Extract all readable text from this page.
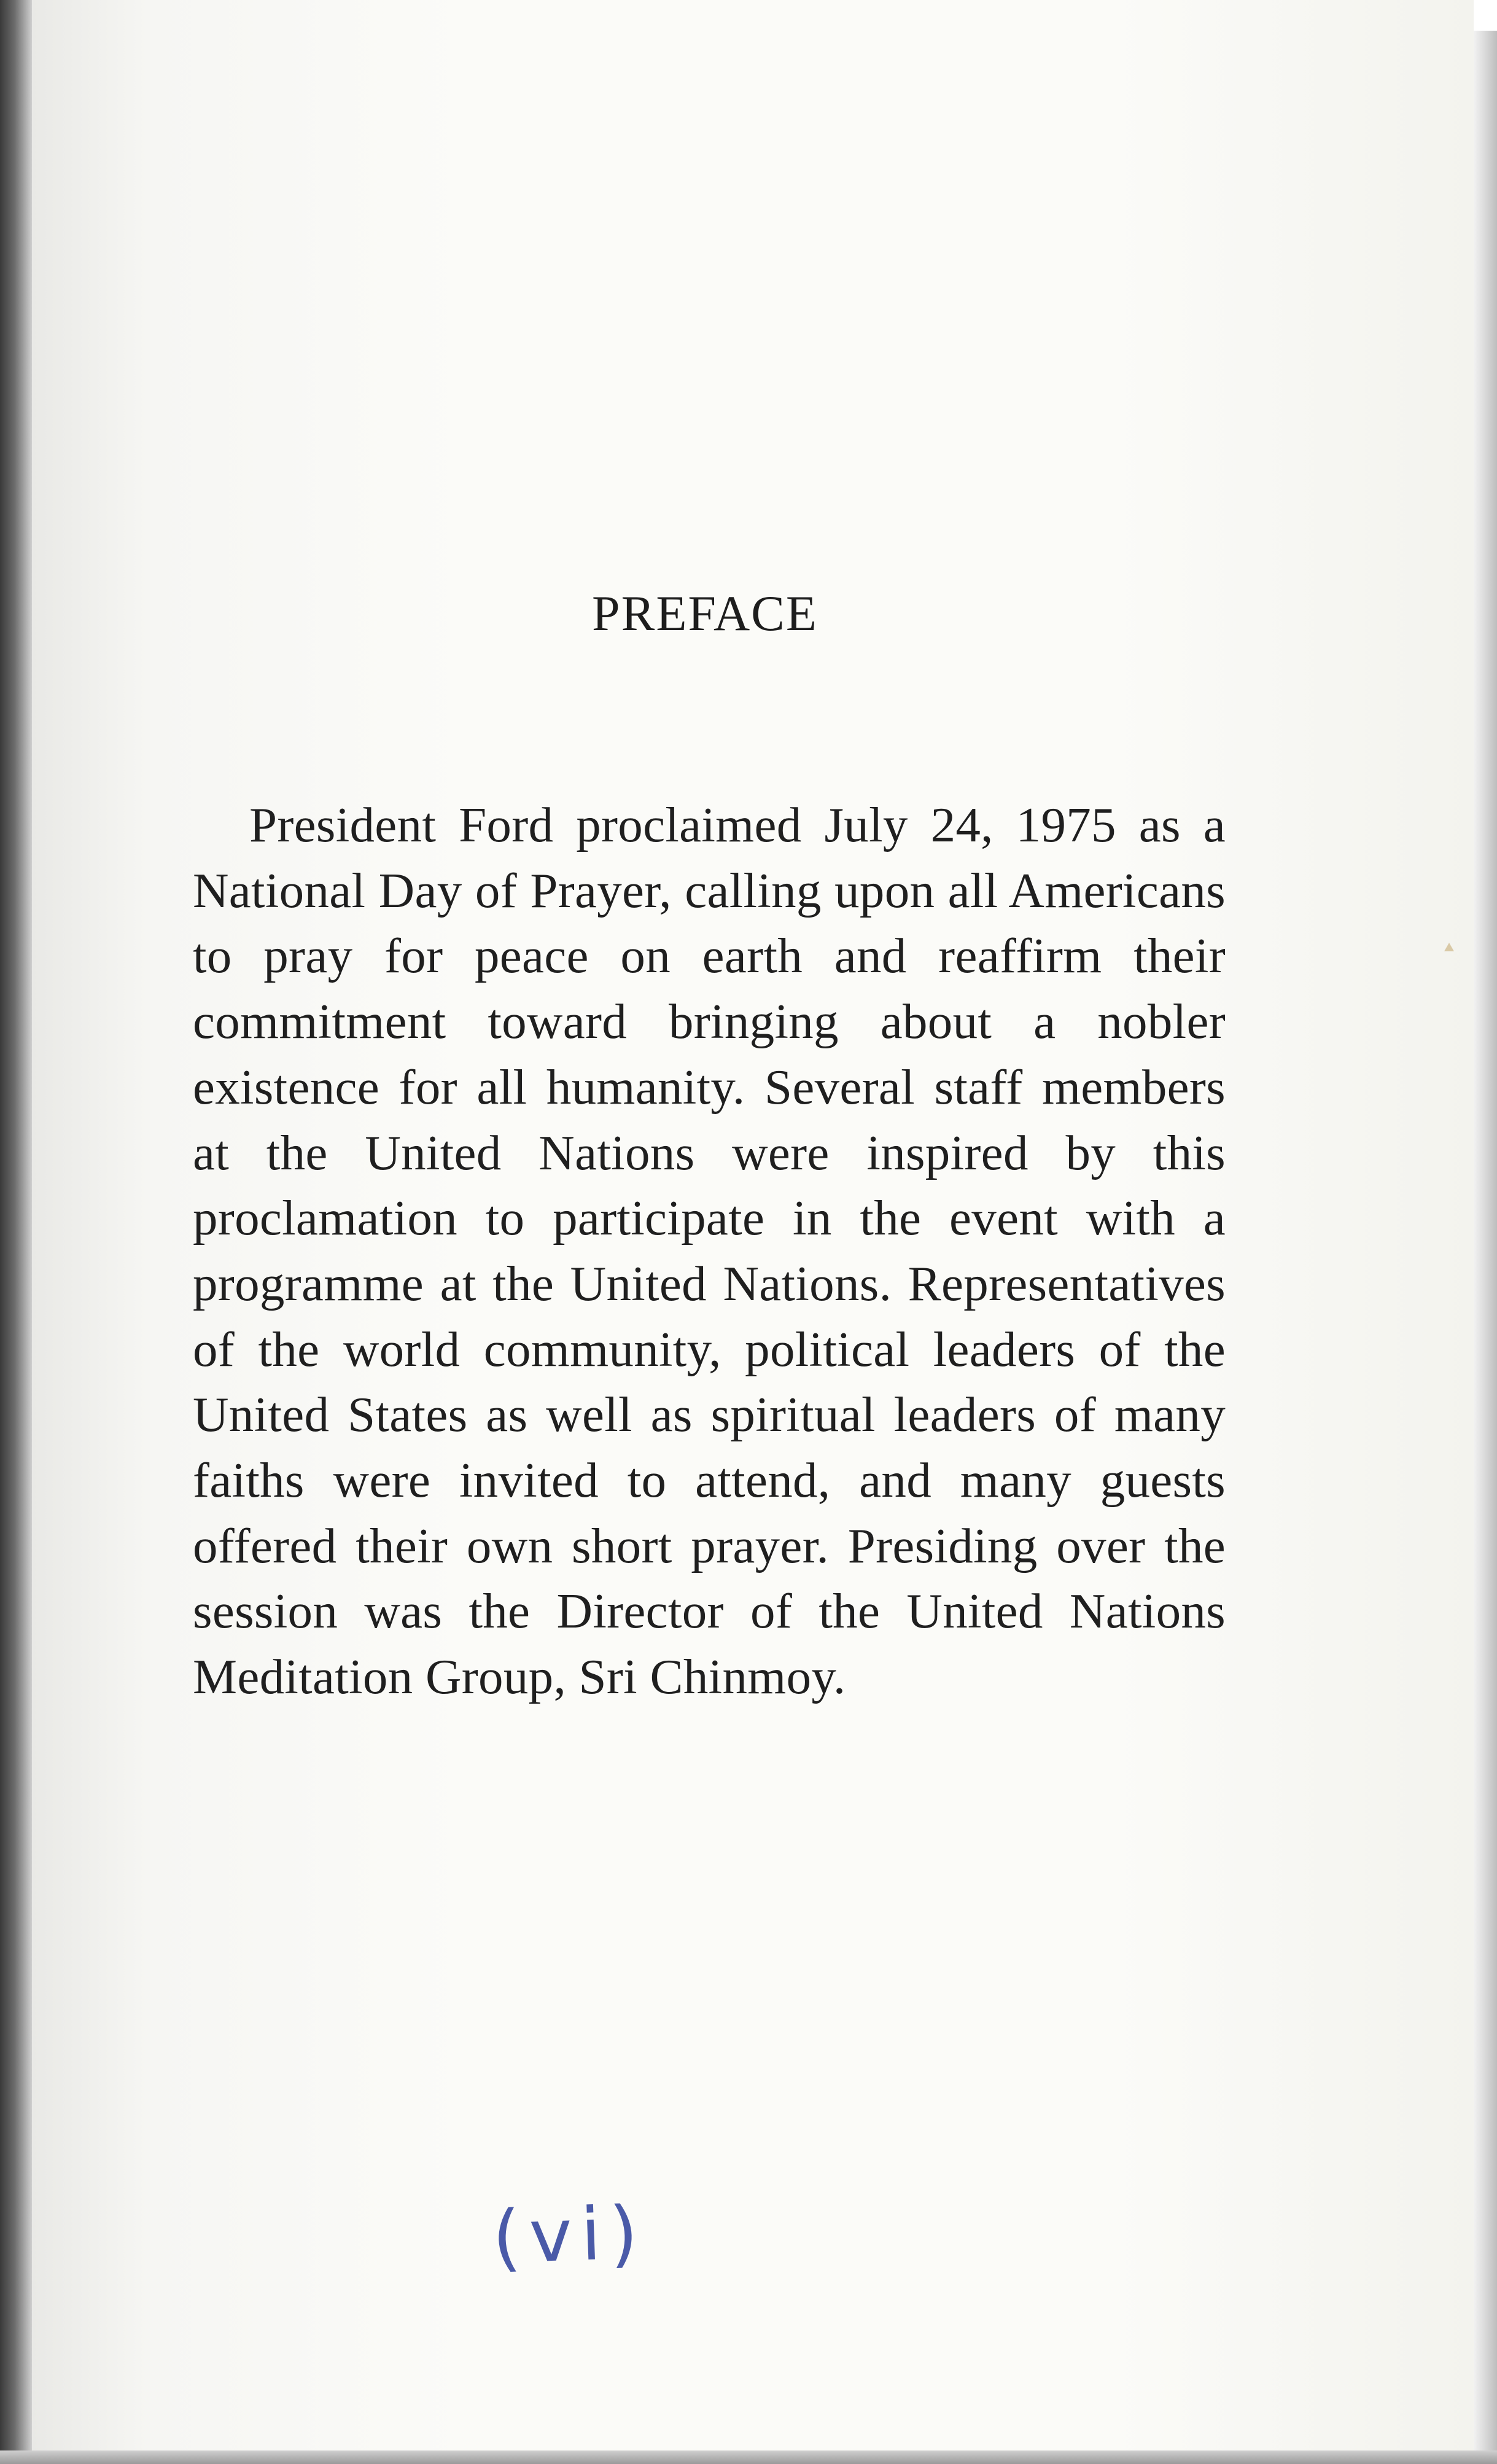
PREFACE

President Ford proclaimed July 24, 1975 as a National Day of Prayer, calling upon all Americans to pray for peace on earth and reaffirm their commitment toward bringing about a nobler existence for all humanity. Several staff members at the United Nations were inspired by this proclamation to participate in the event with a programme at the United Nations. Representatives of the world community, political leaders of the United States as well as spiritual leaders of many faiths were invited to attend, and many guests offered their own short prayer. Presiding over the session was the Director of the United Nations Meditation Group, Sri Chinmoy.

(vi)
